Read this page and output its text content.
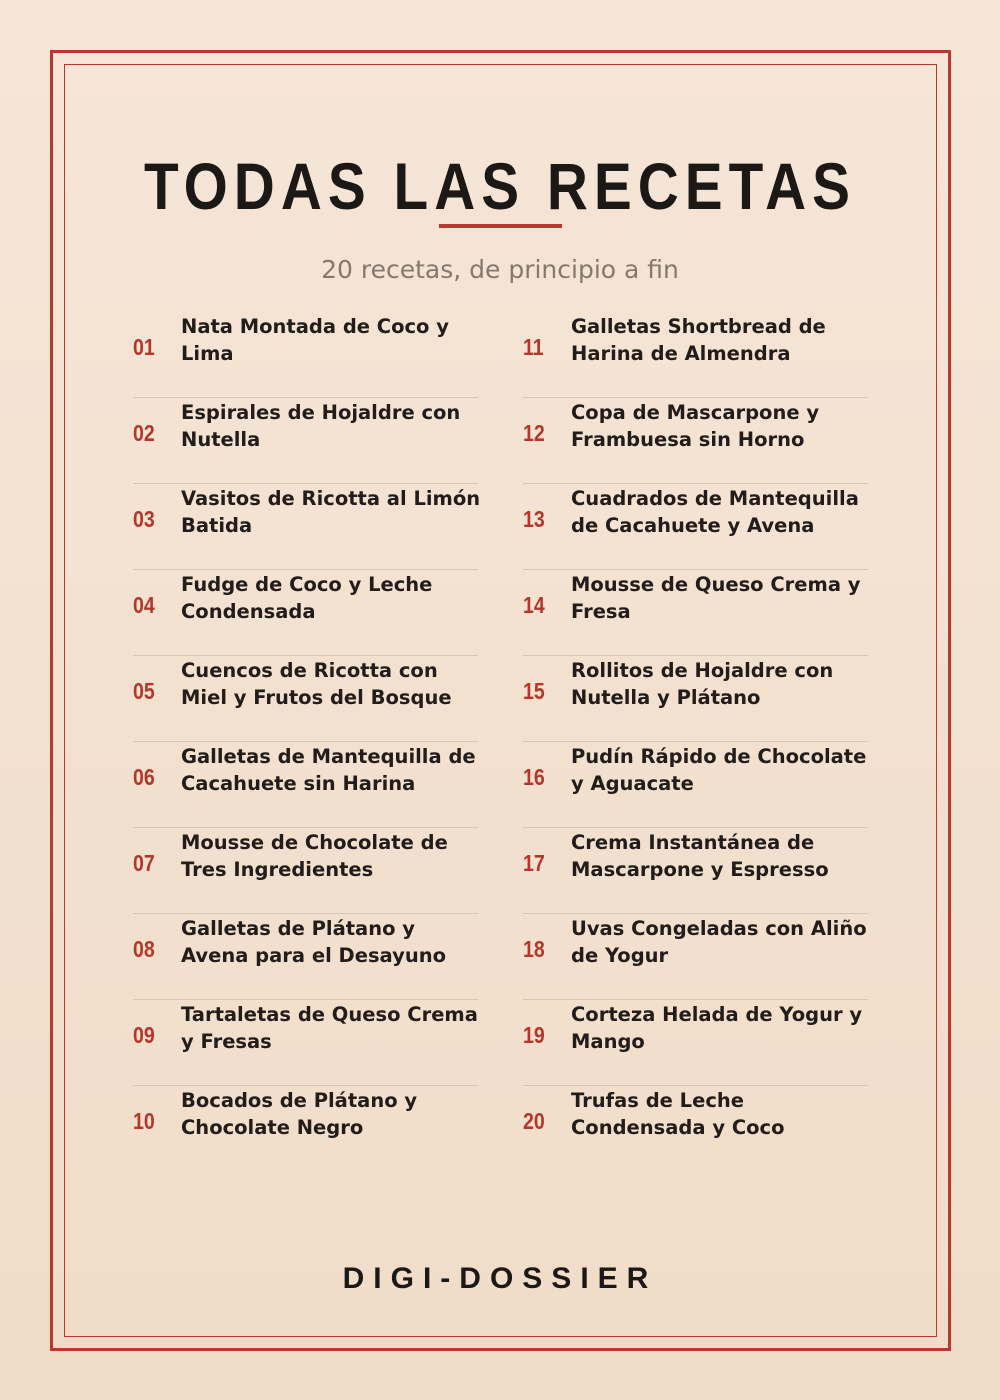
TODAS LAS RECETAS
20 recetas, de principio a fin
01
Nata Montada de Coco y Lima
02
Espirales de Hojaldre con Nutella
03
Vasitos de Ricotta al Limón Batida
04
Fudge de Coco y Leche Condensada
05
Cuencos de Ricotta con Miel y Frutos del Bosque
06
Galletas de Mantequilla de Cacahuete sin Harina
07
Mousse de Chocolate de Tres Ingredientes
08
Galletas de Plátano y Avena para el Desayuno
09
Tartaletas de Queso Crema y Fresas
10
Bocados de Plátano y Chocolate Negro
11
Galletas Shortbread de Harina de Almendra
12
Copa de Mascarpone y Frambuesa sin Horno
13
Cuadrados de Mantequilla de Cacahuete y Avena
14
Mousse de Queso Crema y Fresa
15
Rollitos de Hojaldre con Nutella y Plátano
16
Pudín Rápido de Chocolate y Aguacate
17
Crema Instantánea de Mascarpone y Espresso
18
Uvas Congeladas con Aliño de Yogur
19
Corteza Helada de Yogur y Mango
20
Trufas de Leche Condensada y Coco
DIGI-DOSSIER
